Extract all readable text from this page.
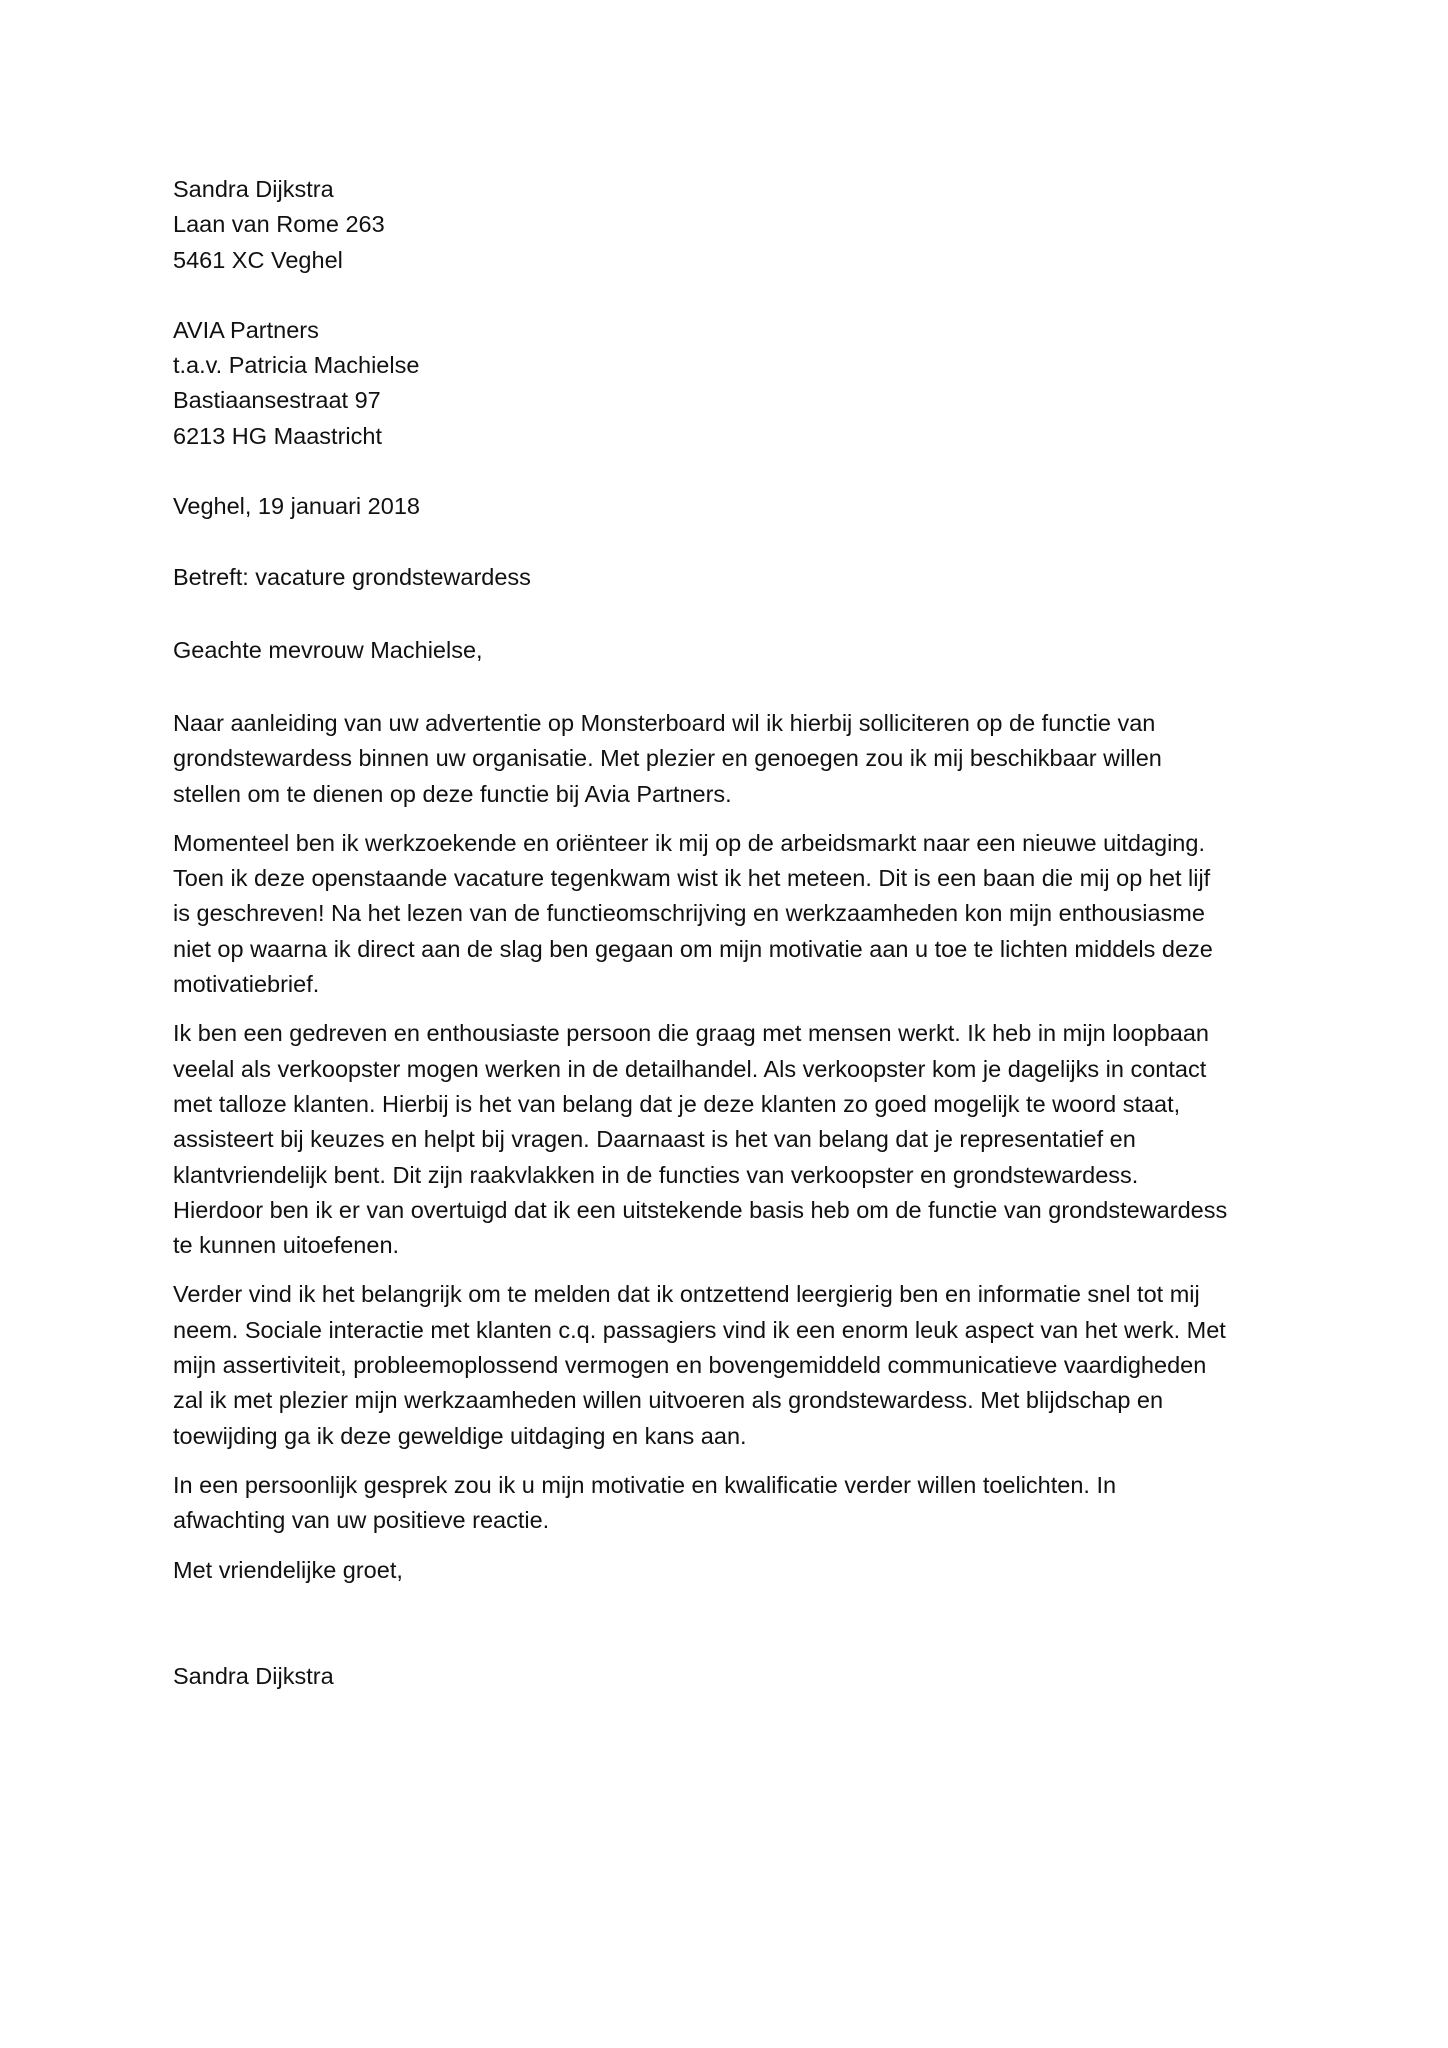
Sandra Dijkstra
Laan van Rome 263
5461 XC Veghel
AVIA Partners
t.a.v. Patricia Machielse
Bastiaansestraat 97
6213 HG Maastricht
Veghel, 19 januari 2018
Betreft: vacature grondstewardess
Geachte mevrouw Machielse,
Naar aanleiding van uw advertentie op Monsterboard wil ik hierbij solliciteren op de functie van
grondstewardess binnen uw organisatie. Met plezier en genoegen zou ik mij beschikbaar willen
stellen om te dienen op deze functie bij Avia Partners.
Momenteel ben ik werkzoekende en oriënteer ik mij op de arbeidsmarkt naar een nieuwe uitdaging.
Toen ik deze openstaande vacature tegenkwam wist ik het meteen. Dit is een baan die mij op het lijf
is geschreven! Na het lezen van de functieomschrijving en werkzaamheden kon mijn enthousiasme
niet op waarna ik direct aan de slag ben gegaan om mijn motivatie aan u toe te lichten middels deze
motivatiebrief.
Ik ben een gedreven en enthousiaste persoon die graag met mensen werkt. Ik heb in mijn loopbaan
veelal als verkoopster mogen werken in de detailhandel. Als verkoopster kom je dagelijks in contact
met talloze klanten. Hierbij is het van belang dat je deze klanten zo goed mogelijk te woord staat,
assisteert bij keuzes en helpt bij vragen. Daarnaast is het van belang dat je representatief en
klantvriendelijk bent. Dit zijn raakvlakken in de functies van verkoopster en grondstewardess.
Hierdoor ben ik er van overtuigd dat ik een uitstekende basis heb om de functie van grondstewardess
te kunnen uitoefenen.
Verder vind ik het belangrijk om te melden dat ik ontzettend leergierig ben en informatie snel tot mij
neem. Sociale interactie met klanten c.q. passagiers vind ik een enorm leuk aspect van het werk. Met
mijn assertiviteit, probleemoplossend vermogen en bovengemiddeld communicatieve vaardigheden
zal ik met plezier mijn werkzaamheden willen uitvoeren als grondstewardess. Met blijdschap en
toewijding ga ik deze geweldige uitdaging en kans aan.
In een persoonlijk gesprek zou ik u mijn motivatie en kwalificatie verder willen toelichten. In
afwachting van uw positieve reactie.
Met vriendelijke groet,
Sandra Dijkstra
